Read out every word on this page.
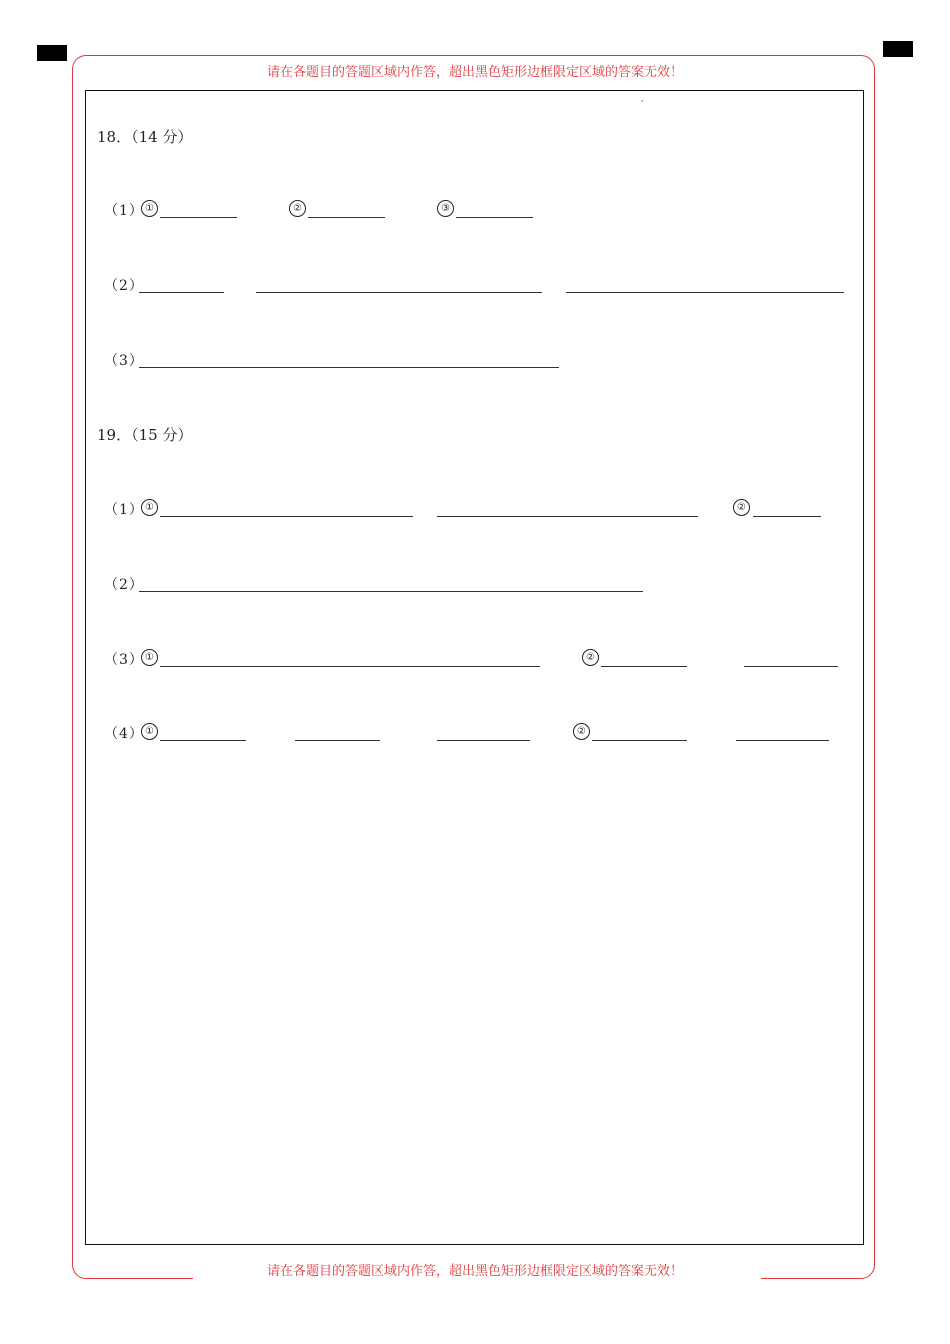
请在各题目的答题区域内作答，超出黑色矩形边框限定区域的答案无效！
请在各题目的答题区域内作答，超出黑色矩形边框限定区域的答案无效！
,
18．（14 分）
（1） ①	②	③
（2）
（3）
19．（15 分）
（1） ①	②
（2）
（3） ①	②
（4） ①	②
